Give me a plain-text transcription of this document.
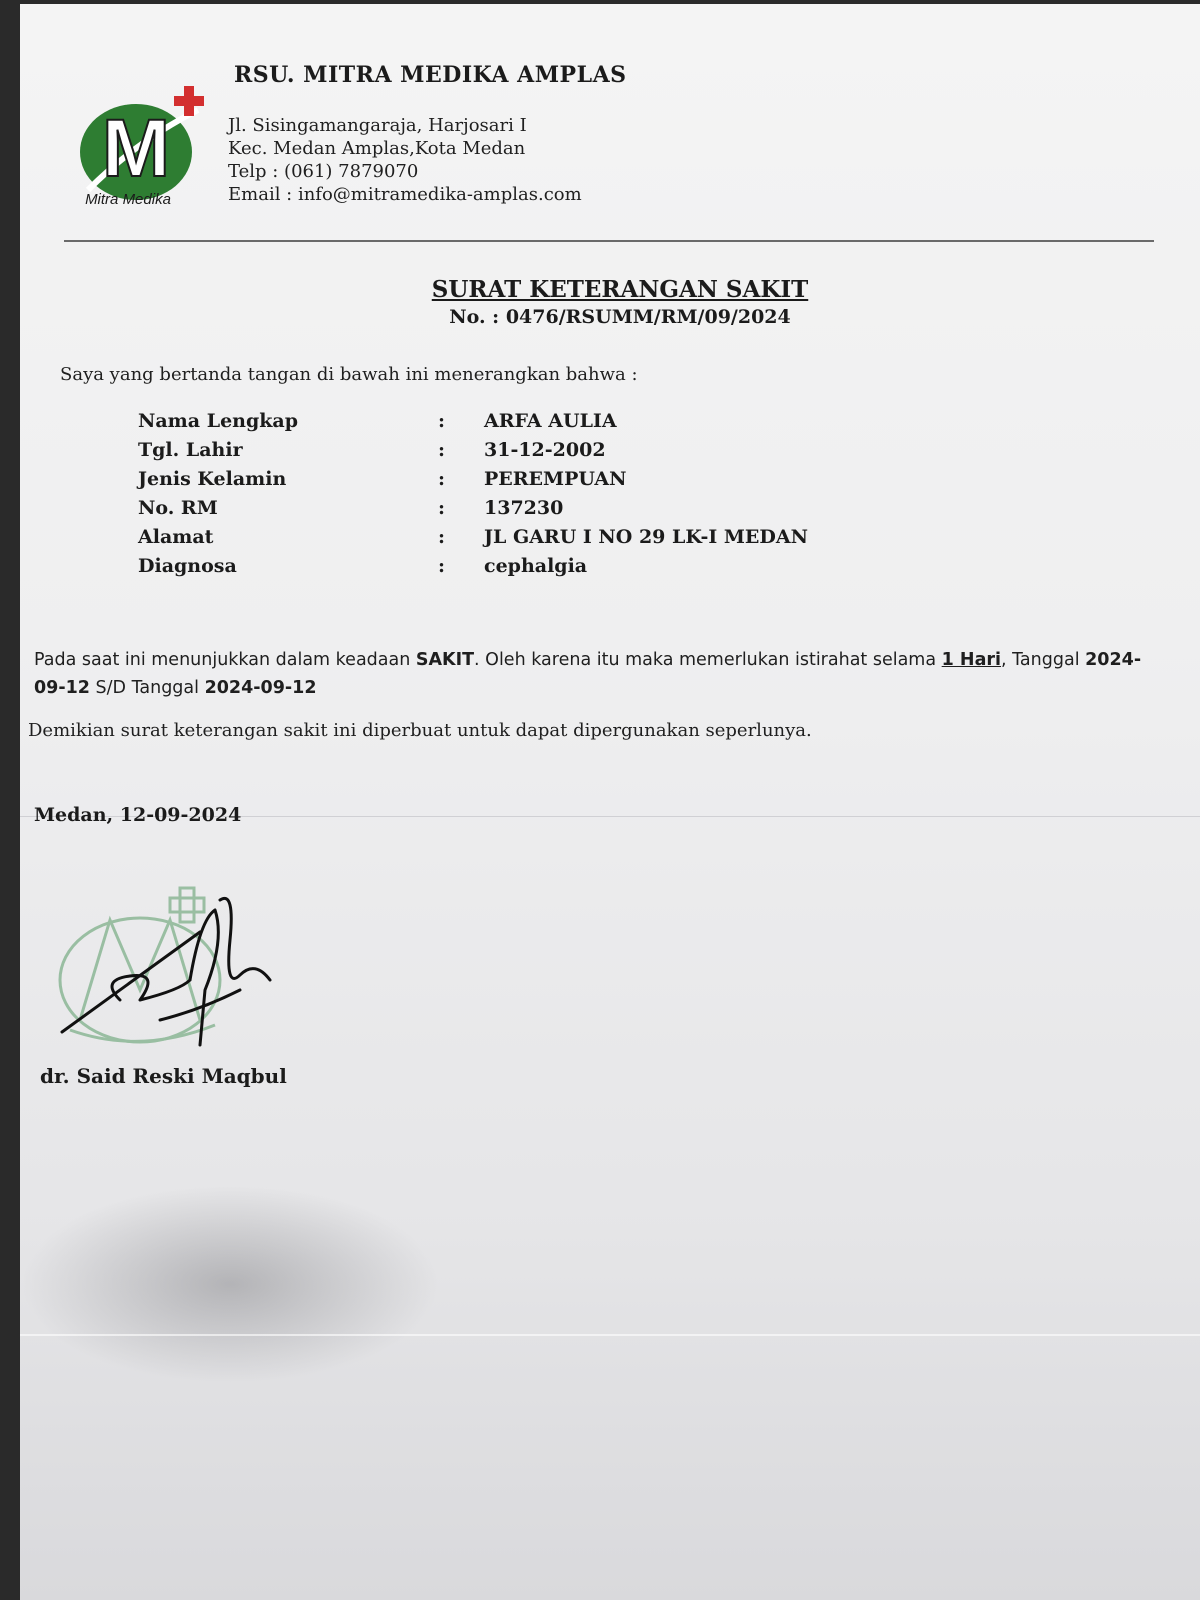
M
Mitra Medika
RSU. MITRA MEDIKA AMPLAS
Jl. Sisingamangaraja, Harjosari I
Kec. Medan Amplas,Kota Medan
Telp : (061) 7879070
Email : info@mitramedika-amplas.com
SURAT KETERANGAN SAKIT
No. : 0476/RSUMM/RM/09/2024
Saya yang bertanda tangan di bawah ini menerangkan bahwa :
Nama Lengkap	: ARFA AULIA
Tgl. Lahir	: 31-12-2002
Jenis Kelamin	: PEREMPUAN
No. RM	: 137230
Alamat	: JL GARU I NO 29 LK-I MEDAN
Diagnosa	: cephalgia
Pada saat ini menunjukkan dalam keadaan SAKIT. Oleh karena itu maka memerlukan istirahat selama 1 Hari, Tanggal 2024-09-12 S/D Tanggal 2024-09-12
Demikian surat keterangan sakit ini diperbuat untuk dapat dipergunakan seperlunya.
Medan, 12-09-2024
dr. Said Reski Maqbul
